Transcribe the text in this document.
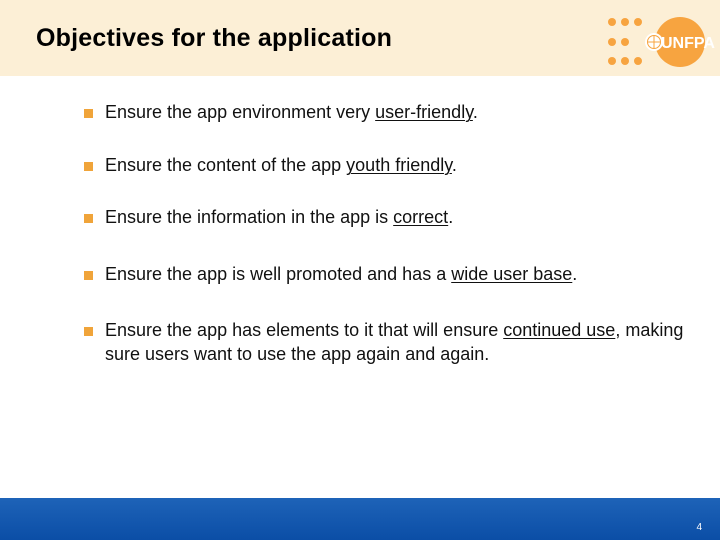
Objectives for the application	UNFPA
Ensure the app environment very user-friendly.
Ensure the content of the app youth friendly.
Ensure the information in the app is correct.
Ensure the app is well promoted and has a wide user base.
Ensure the app has elements to it that will ensure continued use, making sure users want to use the app again and again.
4
